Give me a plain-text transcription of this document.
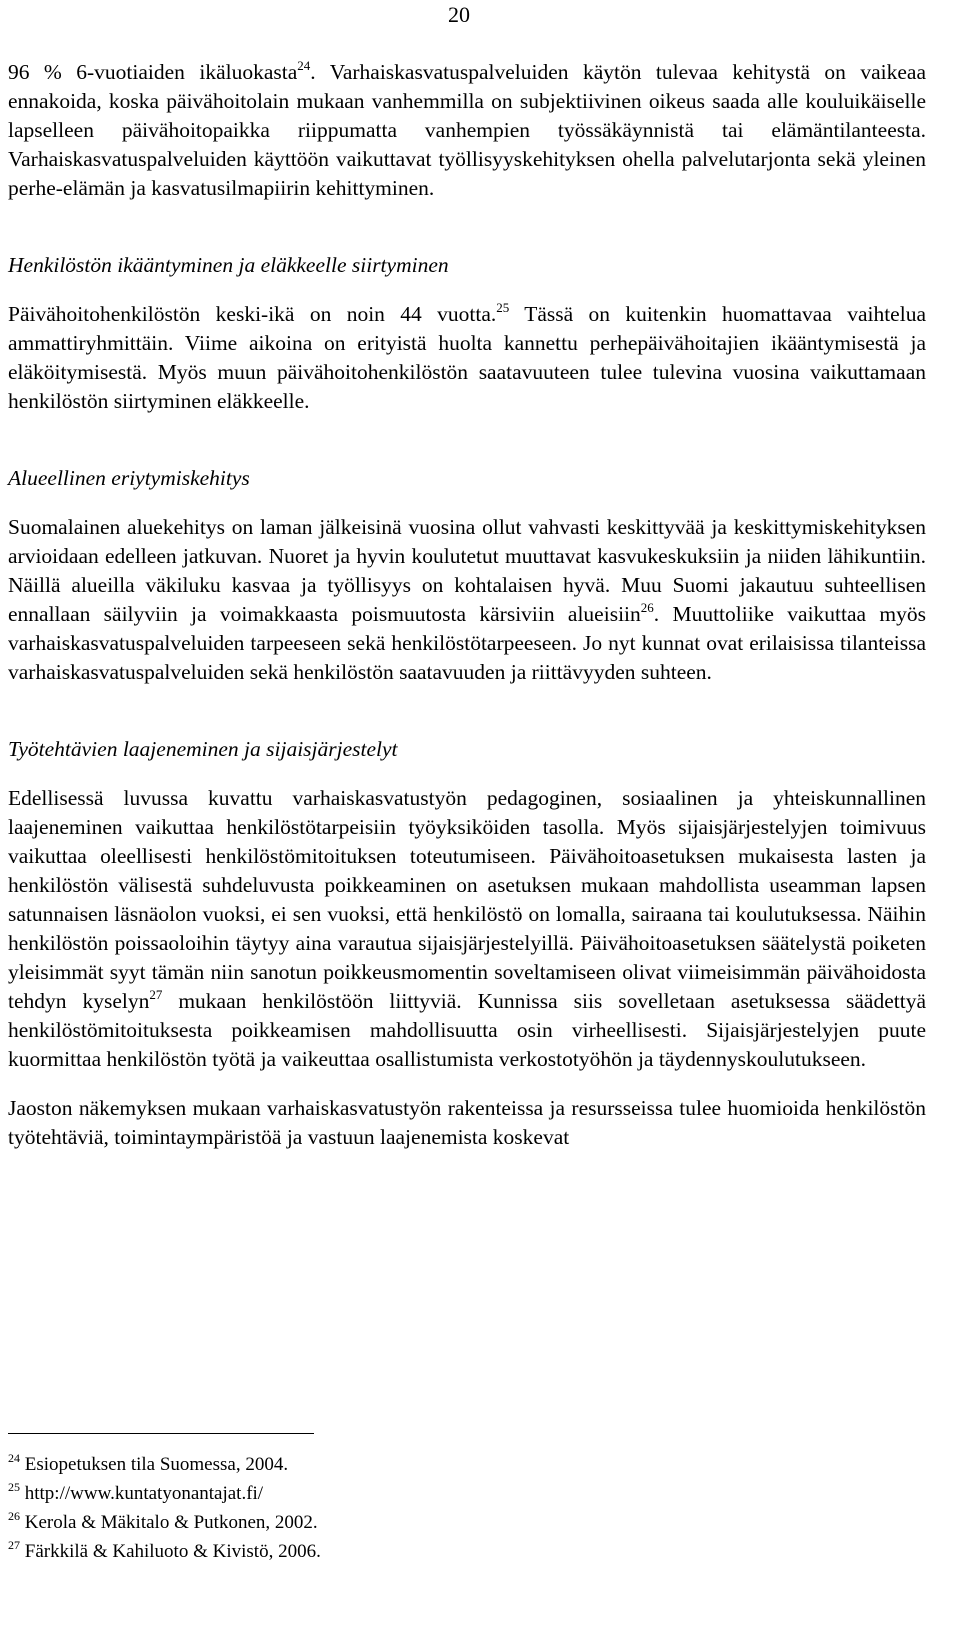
20

96 % 6-vuotiaiden ikäluokasta$^{24}$. Varhaiskasvatuspalveluiden käytön tulevaa kehitystä on vaikeaa ennakoida, koska päivähoitolain mukaan vanhemmilla on subjektiivinen oikeus saada alle kouluikäiselle lapselleen päivähoitopaikka riippumatta vanhempien työssäkäynnistä tai elämäntilanteesta. Varhaiskasvatuspalveluiden käyttöön vaikuttavat työllisyyskehityksen ohella palvelutarjonta sekä yleinen perhe-elämän ja kasvatusilmapiirin kehittyminen.

Henkilöstön ikääntyminen ja eläkkeelle siirtyminen

Päivähoitohenkilöstön keski-ikä on noin 44 vuotta.$^{25}$ Tässä on kuitenkin huomattavaa vaihtelua ammattiryhmittäin. Viime aikoina on erityistä huolta kannettu perhepäivähoitajien ikääntymisestä ja eläköitymisestä. Myös muun päivähoitohenkilöstön saatavuuteen tulee tulevina vuosina vaikuttamaan henkilöstön siirtyminen eläkkeelle.

Alueellinen eriytymiskehitys

Suomalainen aluekehitys on laman jälkeisinä vuosina ollut vahvasti keskittyvää ja keskittymiskehityksen arvioidaan edelleen jatkuvan. Nuoret ja hyvin koulutetut muuttavat kasvukeskuksiin ja niiden lähikuntiin. Näillä alueilla väkiluku kasvaa ja työllisyys on kohtalaisen hyvä. Muu Suomi jakautuu suhteellisen ennallaan säilyviin ja voimakkaasta poismuutosta kärsiviin alueisiin$^{26}$. Muuttoliike vaikuttaa myös varhaiskasvatuspalveluiden tarpeeseen sekä henkilöstötarpeeseen. Jo nyt kunnat ovat erilaisissa tilanteissa varhaiskasvatuspalveluiden sekä henkilöstön saatavuuden ja riittävyyden suhteen.

Työtehtävien laajeneminen ja sijaisjärjestelyt

Edellisessä luvussa kuvattu varhaiskasvatustyön pedagoginen, sosiaalinen ja yhteiskunnallinen laajeneminen vaikuttaa henkilöstötarpeisiin työyksiköiden tasolla. Myös sijaisjärjestelyjen toimivuus vaikuttaa oleellisesti henkilöstömitoituksen toteutumiseen. Päivähoitoasetuksen mukaisesta lasten ja henkilöstön välisestä suhdeluvusta poikkeaminen on asetuksen mukaan mahdollista useamman lapsen satunnaisen läsnäolon vuoksi, ei sen vuoksi, että henkilöstö on lomalla, sairaana tai koulutuksessa. Näihin henkilöstön poissaoloihin täytyy aina varautua sijaisjärjestelyillä. Päivähoitoasetuksen säätelystä poiketen yleisimmät syyt tämän niin sanotun poikkeusmomentin soveltamiseen olivat viimeisimmän päivähoidosta tehdyn kyselyn$^{27}$ mukaan henkilöstöön liittyviä. Kunnissa siis sovelletaan asetuksessa säädettyä henkilöstömitoituksesta poikkeamisen mahdollisuutta osin virheellisesti. Sijaisjärjestelyjen puute kuormittaa henkilöstön työtä ja vaikeuttaa osallistumista verkostotyöhön ja täydennyskoulutukseen.

Jaoston näkemyksen mukaan varhaiskasvatustyön rakenteissa ja resursseissa tulee huomioida henkilöstön työtehtäviä, toimintaympäristöä ja vastuun laajenemista koskevat

$^{24}$ Esiopetuksen tila Suomessa, 2004.
$^{25}$ http://www.kuntatyonantajat.fi/
$^{26}$ Kerola & Mäkitalo & Putkonen, 2002.
$^{27}$ Färkkilä & Kahiluoto & Kivistö, 2006.
